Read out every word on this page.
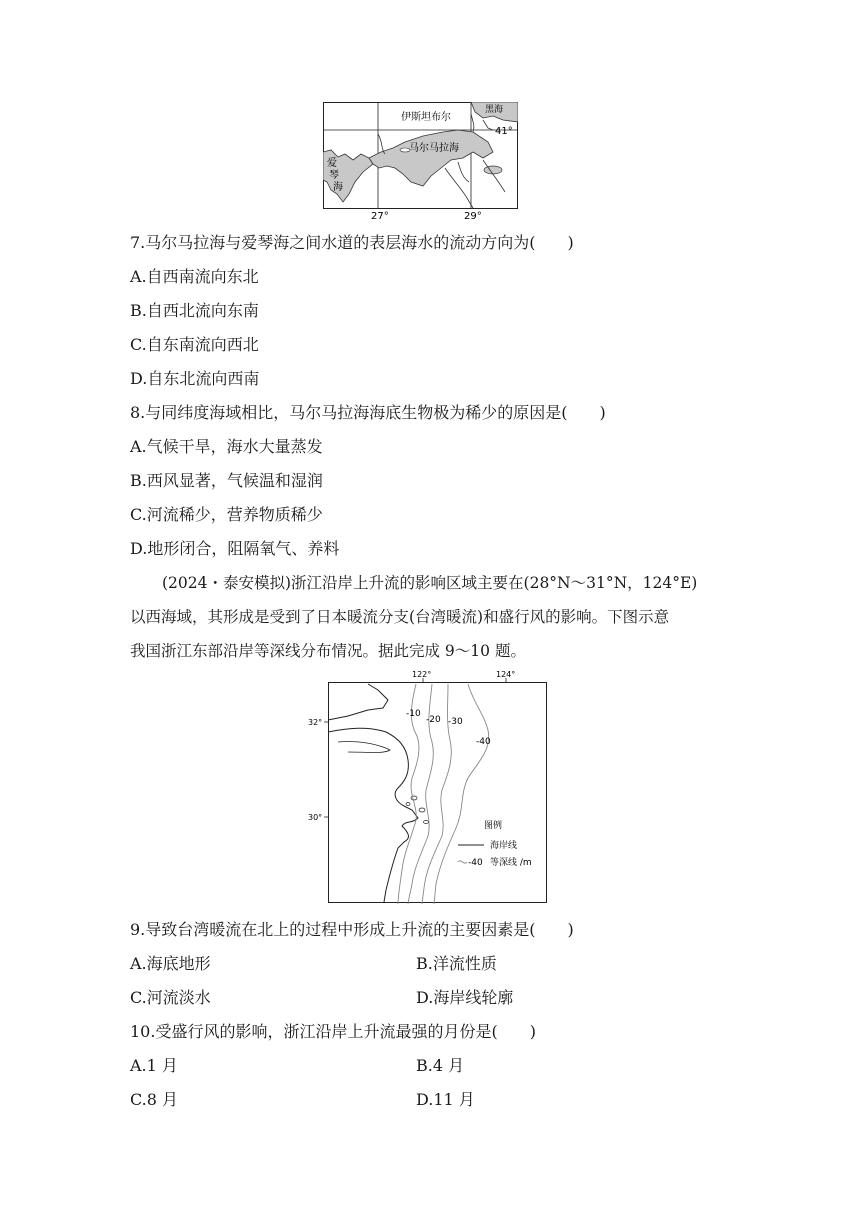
伊斯坦布尔
黑海
马尔马拉海
爱
琴
海
41°
27°	29°
7.马尔马拉海与爱琴海之间水道的表层海水的流动方向为(　　)
A.自西南流向东北
B.自西北流向东南
C.自东南流向西北
D.自东北流向西南
8.与同纬度海域相比，马尔马拉海海底生物极为稀少的原因是(　　)
A.气候干旱，海水大量蒸发
B.西风显著，气候温和湿润
C.河流稀少，营养物质稀少
D.地形闭合，阻隔氧气、养料
(2024・泰安模拟)浙江沿岸上升流的影响区域主要在(28°N～31°N，124°E)
以西海域，其形成是受到了日本暖流分支(台湾暖流)和盛行风的影响。下图示意
我国浙江东部沿岸等深线分布情况。据此完成 9～10 题。
-10
-20 -30
-40
122°	124°
32°
30°
图例
海岸线
-40 等深线 /m
9.导致台湾暖流在北上的过程中形成上升流的主要因素是(　　)
A.海底地形	B.洋流性质
C.河流淡水	D.海岸线轮廓
10.受盛行风的影响，浙江沿岸上升流最强的月份是(　　)
A.1 月	B.4 月
C.8 月	D.11 月
